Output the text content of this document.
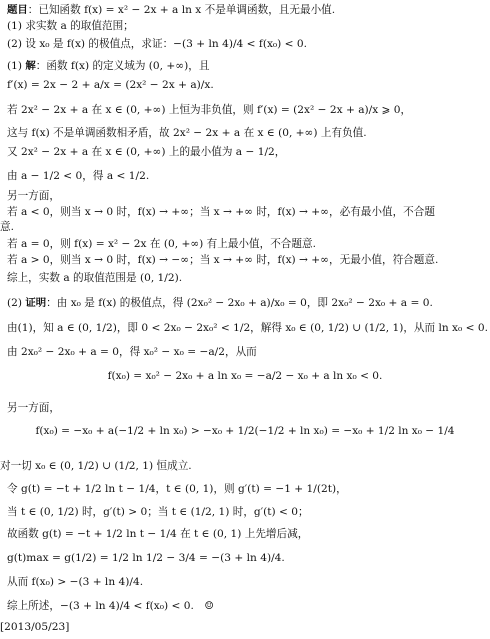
题目：已知函数 f(x) = x² − 2x + a ln x 不是单调函数，且无最小值.
(1) 求实数 a 的取值范围；
(2) 设 x₀ 是 f(x) 的极值点，求证：−(3 + ln 4)/4 < f(x₀) < 0.
(1) 解：函数 f(x) 的定义域为 (0, +∞)，且
f′(x) = 2x − 2 + a/x = (2x² − 2x + a)/x.
若 2x² − 2x + a 在 x ∈ (0, +∞) 上恒为非负值，则 f′(x) = (2x² − 2x + a)/x ⩾ 0，
这与 f(x) 不是单调函数相矛盾，故 2x² − 2x + a 在 x ∈ (0, +∞) 上有负值.
又 2x² − 2x + a 在 x ∈ (0, +∞) 上的最小值为 a − 1/2，
由 a − 1/2 < 0，得 a < 1/2.
另一方面，
若 a < 0，则当 x → 0 时，f(x) → +∞；当 x → +∞ 时，f(x) → +∞，必有最小值，不合题
意.
若 a = 0，则 f(x) = x² − 2x 在 (0, +∞) 有上最小值，不合题意.
若 a > 0，则当 x → 0 时，f(x) → −∞；当 x → +∞ 时，f(x) → +∞，无最小值，符合题意.
综上，实数 a 的取值范围是 (0, 1/2).
(2) 证明：由 x₀ 是 f(x) 的极值点，得 (2x₀² − 2x₀ + a)/x₀ = 0，即 2x₀² − 2x₀ + a = 0.
由(1)，知 a ∈ (0, 1/2)，即 0 < 2x₀ − 2x₀² < 1/2，解得 x₀ ∈ (0, 1/2) ∪ (1/2, 1)，从而 ln x₀ < 0.
由 2x₀² − 2x₀ + a = 0，得 x₀² − x₀ = −a/2，从而
f(x₀) = x₀² − 2x₀ + a ln x₀ = −a/2 − x₀ + a ln x₀ < 0.
另一方面，
f(x₀) = −x₀ + a(−1/2 + ln x₀) > −x₀ + 1/2(−1/2 + ln x₀) = −x₀ + 1/2 ln x₀ − 1/4
对一切 x₀ ∈ (0, 1/2) ∪ (1/2, 1) 恒成立.
令 g(t) = −t + 1/2 ln t − 1/4，t ∈ (0, 1)，则 g′(t) = −1 + 1/(2t)，
当 t ∈ (0, 1/2) 时，g′(t) > 0；当 t ∈ (1/2, 1) 时，g′(t) < 0；
故函数 g(t) = −t + 1/2 ln t − 1/4 在 t ∈ (0, 1) 上先增后减，
g(t)max = g(1/2) = 1/2 ln 1/2 − 3/4 = −(3 + ln 4)/4.
从而 f(x₀) > −(3 + ln 4)/4.
综上所述，−(3 + ln 4)/4 < f(x₀) < 0.　☺
[2013/05/23]
